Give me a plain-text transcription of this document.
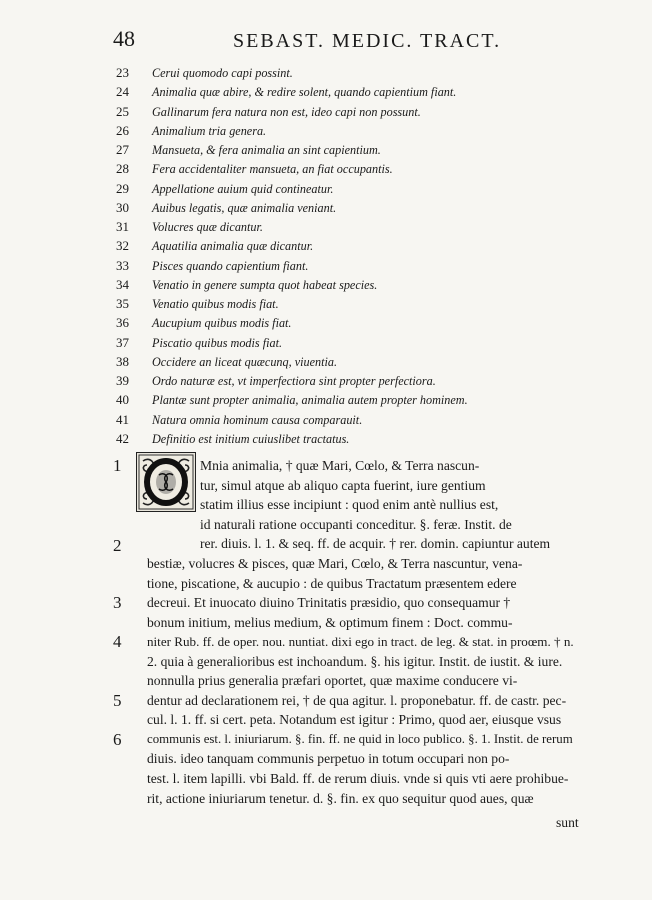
48	SEBAST. MEDIC. TRACT.
23 Cerui quomodo capi possint.
24 Animalia quæ abire, & redire solent, quando capientium fiant.
25 Gallinarum fera natura non est, ideo capi non possunt.
26 Animalium tria genera.
27 Mansueta, & fera animalia an sint capientium.
28 Fera accidentaliter mansueta, an fiat occupantis.
29 Appellatione auium quid contineatur.
30 Auibus legatis, quæ animalia veniant.
31 Volucres quæ dicantur.
32 Aquatilia animalia quæ dicantur.
33 Pisces quando capientium fiant.
34 Venatio in genere sumpta quot habeat species.
35 Venatio quibus modis fiat.
36 Aucupium quibus modis fiat.
37 Piscatio quibus modis fiat.
38 Occidere an liceat quæcunq, viuentia.
39 Ordo naturæ est, vt imperfectiora sint propter perfectiora.
40 Plantæ sunt propter animalia, animalia autem propter hominem.
41 Natura omnia hominum causa comparauit.
42 Definitio est initium cuiuslibet tractatus.
1
2
3
4
5
6
Mnia animalia, † quæ Mari, Cœlo, & Terra nascun-
tur, simul atque ab aliquo capta fuerint, iure gentium
statim illius esse incipiunt : quod enim antè nullius est,
id naturali ratione occupanti conceditur. §. feræ. Instit. de
rer. diuis. l. 1. & seq. ff. de acquir. † rer. domin. capiuntur autem
bestiæ, volucres & pisces, quæ Mari, Cœlo, & Terra nascuntur, vena-
tione, piscatione, & aucupio : de quibus Tractatum præsentem edere
decreui. Et inuocato diuino Trinitatis præsidio, quo consequamur †
bonum initium, melius medium, & optimum finem : Doct. commu-
niter Rub. ff. de oper. nou. nuntiat. dixi ego in tract. de leg. & stat. in proœm. † n.
2. quia à generalioribus est inchoandum. §. his igitur. Instit. de iustit. & iure.
nonnulla prius generalia præfari oportet, quæ maxime conducere vi-
dentur ad declarationem rei, † de qua agitur. l. proponebatur. ff. de castr. pec-
cul. l. 1. ff. si cert. peta. Notandum est igitur : Primo, quod aer, eiusque vsus
communis est. l. iniuriarum. §. fin. ff. ne quid in loco publico. §. 1. Instit. de rerum
diuis. ideo tanquam communis perpetuo in totum occupari non po-
test. l. item lapilli. vbi Bald. ff. de rerum diuis. vnde si quis vti aere prohibue-
rit, actione iniuriarum tenetur. d. §. fin. ex quo sequitur quod aues, quæ
sunt
